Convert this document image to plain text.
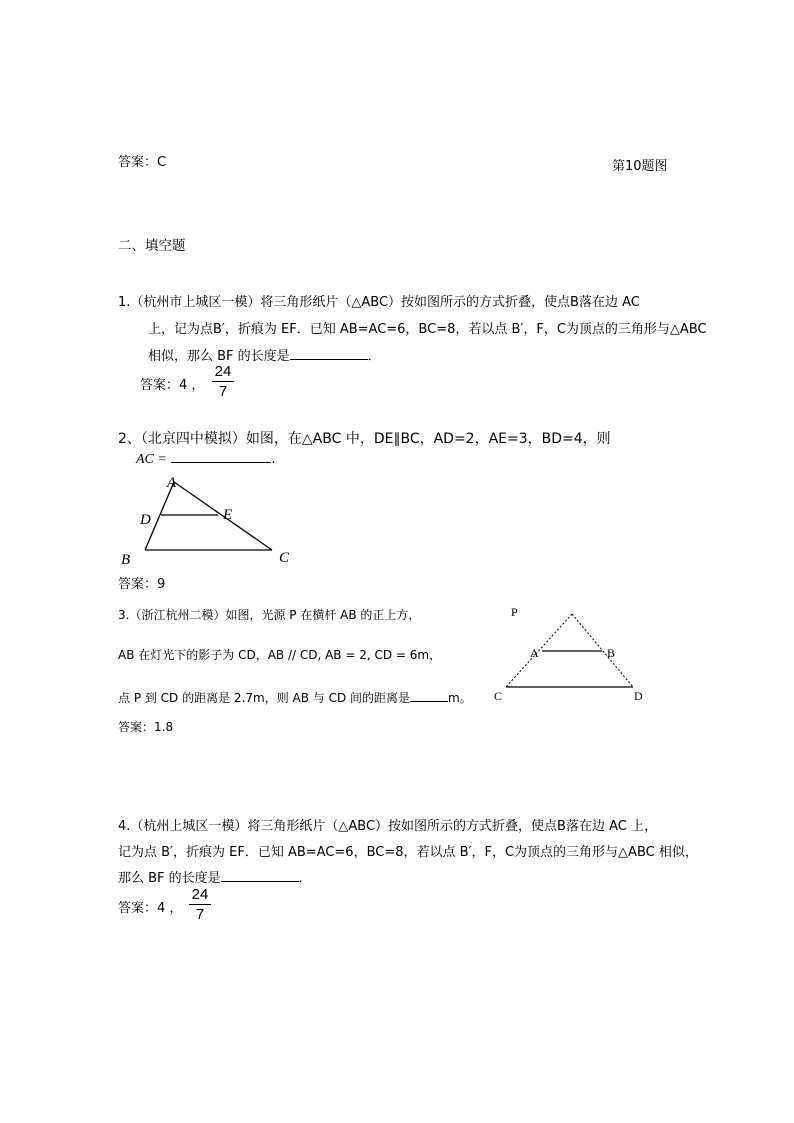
答案：C	第10题图
二、填空题
1.（杭州市上城区一模）将三角形纸片（△ABC）按如图所示的方式折叠，使点B落在边 AC
上，记为点B′，折痕为 EF．已知 AB=AC=6，BC=8，若以点 B′，F，C为顶点的三角形与△ABC
相似，那么 BF 的长度是	．
答案：4 ， $\frac{24}{7}$
2、（北京四中模拟）如图，在△ABC 中，DE∥BC，AD=2，AE=3，BD=4，则
AC =	.
A
D	E
B	C
答案：9
3.（浙江杭州二模）如图，光源 P 在横杆 AB 的正上方，
AB 在灯光下的影子为 CD，AB // CD, AB = 2, CD = 6m，
点 P 到 CD 的距离是 2.7m，则 AB 与 CD 间的距离是	m。
P
A	B
C	D
答案：1.8
4.（杭州上城区一模）将三角形纸片（△ABC）按如图所示的方式折叠，使点B落在边 AC 上，
记为点 B′，折痕为 EF．已知 AB=AC=6，BC=8，若以点 B′，F，C为顶点的三角形与△ABC 相似，
那么 BF 的长度是	．
答案：4 ， $\frac{24}{7}$
